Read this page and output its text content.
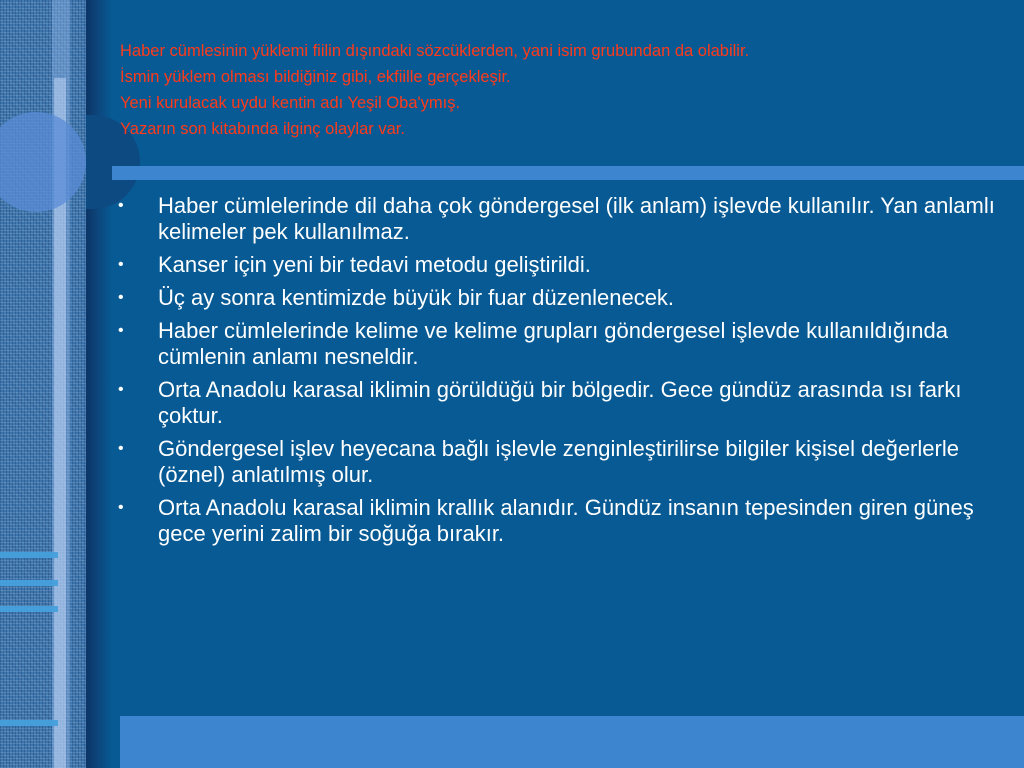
Haber cümlesinin yüklemi fiilin dışındaki sözcüklerden, yani isim grubundan da olabilir.
İsmin yüklem olması bildiğiniz gibi, ekfiille gerçekleşir.
Yeni kurulacak uydu kentin adı Yeşil Oba'ymış.
Yazarın son kitabında ilginç olaylar var.
• Haber cümlelerinde dil daha çok göndergesel (ilk anlam) işlevde kullanılır. Yan anlamlı kelimeler pek kullanılmaz.
• Kanser için yeni bir tedavi metodu geliştirildi.
• Üç ay sonra kentimizde büyük bir fuar düzenlenecek.
• Haber cümlelerinde kelime ve kelime grupları göndergesel işlevde kullanıldığında cümlenin anlamı nesneldir.
• Orta Anadolu karasal iklimin görüldüğü bir bölgedir. Gece gündüz arasında ısı farkı çoktur.
• Göndergesel işlev heyecana bağlı işlevle zenginleştirilirse bilgiler kişisel değerlerle (öznel) anlatılmış olur.
• Orta Anadolu karasal iklimin krallık alanıdır. Gündüz insanın tepesinden giren güneş gece yerini zalim bir soğuğa bırakır.
